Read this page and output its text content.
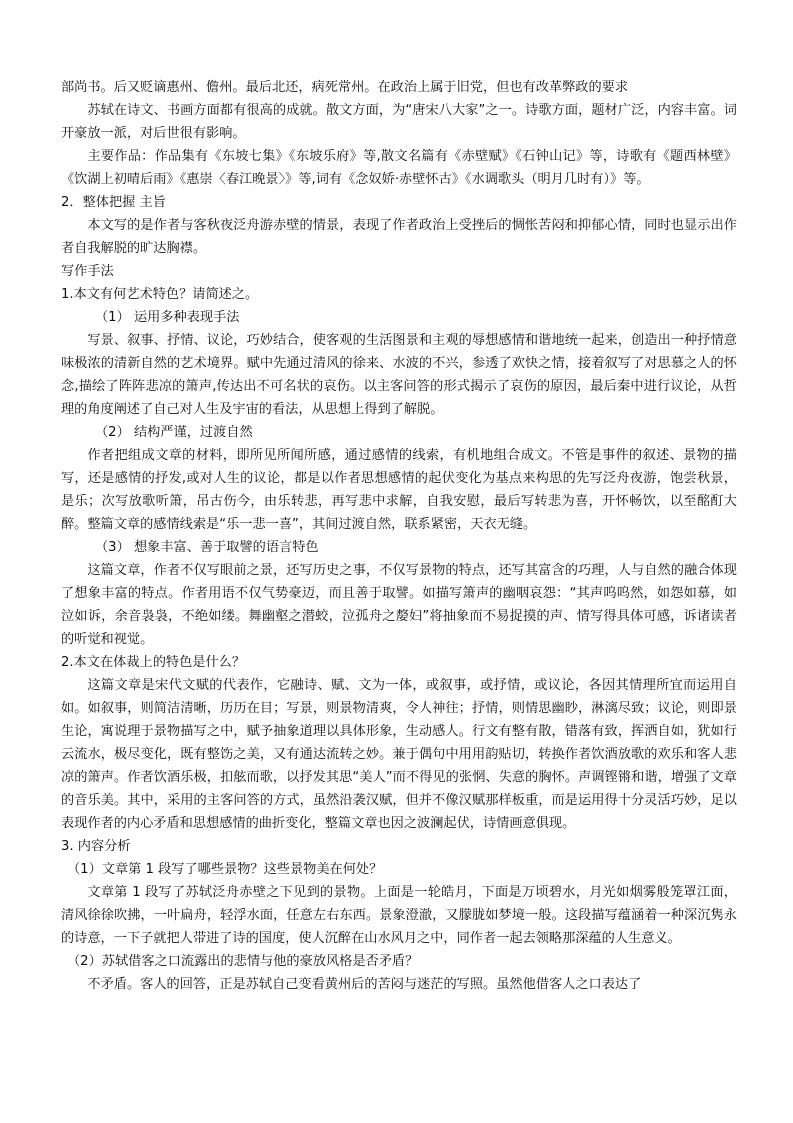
部尚书。后又贬谪惠州、儋州。最后北还，病死常州。在政治上属于旧党，但也有改革弊政的要求

苏轼在诗文、书画方面都有很高的成就。散文方面，为“唐宋八大家”之一。诗歌方面，题材广泛，内容丰富。词开豪放一派，对后世很有影响。

主要作品：作品集有《东坡七集》《东坡乐府》等,散文名篇有《赤壁赋》《石钟山记》等，诗歌有《题西林壁》《饮湖上初晴后雨》《惠崇〈春江晚景〉》等,词有《念奴娇·赤壁怀古》《水调歌头（明月几时有）》等。

2．整体把握 主旨

本文写的是作者与客秋夜泛舟游赤壁的情景，表现了作者政治上受挫后的惆怅苦闷和抑郁心情，同时也显示出作者自我解脱的旷达胸襟。

写作手法

1.本文有何艺术特色？请简述之。

（1） 运用多种表现手法

写景、叙事、抒情、议论，巧妙结合，使客观的生活图景和主观的辱想感情和谐地统一起来，创造出一种抒情意味极浓的清新自然的艺术境界。赋中先通过清风的徐来、水波的不兴，参透了欢快之情，接着叙写了对思慕之人的怀念,描绘了阵阵悲凉的箫声,传达出不可名状的哀伤。以主客问答的形式揭示了哀伤的原因，最后秦中进行议论，从哲理的角度阐述了自己对人生及宇宙的看法，从思想上得到了解脱。

（2） 结构严谨，过渡自然

作者把组成文章的材料，即所见所闻所感，通过感情的线索，有机地组合成文。不管是事件的叙述、景物的描写，还是感情的抒发,或对人生的议论，都是以作者思想感情的起伏变化为基点来构思的先写泛舟夜游，饱尝秋景，是乐；次写放歌听箫，吊古伤今，由乐转悲，再写悲中求解，自我安慰，最后写转悲为喜，开怀畅饮，以至酩酊大醉。整篇文章的感情线索是“乐一悲一喜”，其间过渡自然，联系紧密，天衣无缝。

（3） 想象丰富、善于取譬的语言特色

这篇文章，作者不仅写眼前之景，还写历史之事，不仅写景物的特点，还写其富含的巧理，人与自然的融合体现了想象丰富的特点。作者用语不仅气势豪迈，而且善于取譬。如描写箫声的幽咽哀怨：“其声呜呜然，如怨如慕，如泣如诉，余音袅袅，不绝如缕。舞幽壑之潜蛟，泣孤舟之嫠妇”将抽象而不易捉摸的声、情写得具体可感，诉诸读者的听觉和视觉。

2.本文在体裁上的特色是什么？

这篇文章是宋代文赋的代表作，它融诗、赋、文为一体，或叙事，或抒情，或议论，各因其情理所宜而运用自如。如叙事，则简洁清晰，历历在目；写景，则景物清爽，令人神往；抒情，则情思幽眇，淋漓尽致；议论，则即景生论，寓说理于景物描写之中，赋予抽象道理以具体形象，生动感人。行文有整有散，错落有致，挥洒自如，犹如行云流水，极尽变化，既有整饬之美，又有通达流转之妙。兼于偶句中用用韵贴切，转换作者饮酒放歌的欢乐和客人悲凉的箫声。作者饮酒乐极，扣舷而歌，以抒发其思“美人”而不得见的张惘、失意的胸怀。声调铿锵和谐，增强了文章的音乐美。其中，采用的主客问答的方式，虽然沿袭汉赋，但并不像汉赋那样板重，而是运用得十分灵活巧妙，足以表现作者的内心矛盾和思想感情的曲折变化，整篇文章也因之波澜起伏，诗情画意俱现。

3. 内容分析

（1）文章第 1 段写了哪些景物？这些景物美在何处？

文章第 1 段写了苏轼泛舟赤壁之下见到的景物。上面是一轮皓月，下面是万顷碧水，月光如烟雾般笼罩江面，清风徐徐吹拂，一叶扁舟，轻浮水面，任意左右东西。景象澄澈，又朦胧如梦境一般。这段描写蕴涵着一种深沉隽永的诗意，一下子就把人带进了诗的国度，使人沉醉在山水风月之中，同作者一起去领略那深蕴的人生意义。

（2）苏轼借客之口流露出的悲情与他的豪放风格是否矛盾？

不矛盾。客人的回答，正是苏轼自己变看黄州后的苦闷与迷茫的写照。虽然他借客人之口表达了
